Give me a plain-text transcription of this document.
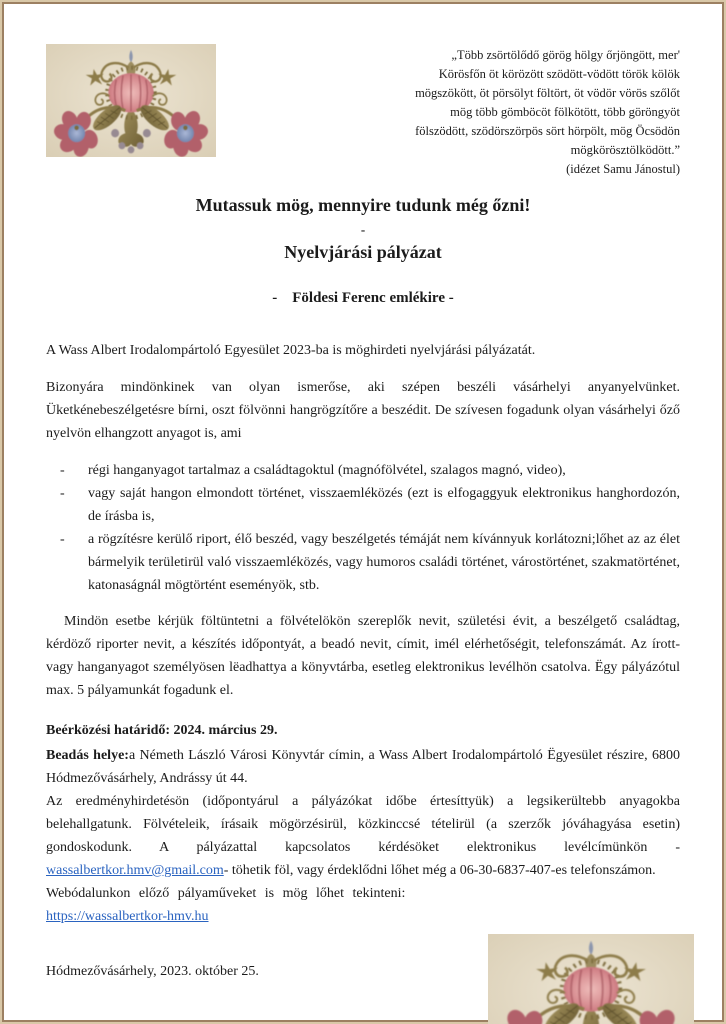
„Több zsörtölődő görög hölgy őrjöngött, mer'
Körösfőn öt körözött szödött-vödött török kölök
mögszökött, öt pörsölyt föltört, öt vödör vörös szőlőt
mög több gömböcöt fölkötött, több göröngyöt
fölszödött, szödörszörpös sört hörpölt, mög Öcsödön
mögkörösztölködött.”
(idézet Samu Jánostul)
Mutassuk mög, mennyire tudunk még őzni!
-
Nyelvjárási pályázat
-    Földesi Ferenc emlékire -

A Wass Albert Irodalompártoló Egyesület 2023-ba is möghirdeti nyelvjárási pályázatát.

Bizonyára mindönkinek van olyan ismerőse, aki szépen beszéli vásárhelyi anyanyelvünket. Üketkénebeszélgetésre bírni, oszt fölvönni hangrögzítőre a beszédit. De szívesen fogadunk olyan vásárhelyi őző nyelvön elhangzott anyagot is, ami

-	régi hanganyagot tartalmaz a családtagoktul (magnófölvétel, szalagos magnó, video),
-	vagy saját hangon elmondott történet, visszaemléközés (ezt is elfogaggyuk elektronikus hanghordozón, de írásba is,
-	a rögzítésre kerülő riport, élő beszéd, vagy beszélgetés témáját nem kívánnyuk korlátozni;lőhet az az élet bármelyik területirül való visszaemléközés, vagy humoros családi történet, várostörténet, szakmatörténet, katonaságnál mögtörtént eseményök, stb.

Mindön esetbe kérjük föltüntetni a fölvételökön szereplők nevit, születési évit, a beszélgető családtag, kérdöző riporter nevit, a készítés időpontyát, a beadó nevit, címit, imél elérhetőségit, telefonszámát. Az írott- vagy hanganyagot személyösen lëadhattya a könyvtárba, esetleg elektronikus levélhön csatolva. Ëgy pályázótul max. 5 pályamunkát fogadunk el.

Beérközési határidő: 2024. március 29.

Beadás helye:a Németh László Városi Könyvtár címin, a Wass Albert Irodalompártoló Ëgyesület részire, 6800 Hódmezővásárhely, Andrássy út 44.

Az eredményhirdetésön (időpontyárul a pályázókat időbe értesíttyük) a legsikerültebb anyagokba belehallgatunk. Fölvételeik, írásaik mögörzésirül, közkinccsé tételirül (a szerzők jóváhagyása esetin) gondoskodunk. A pályázattal kapcsolatos kérdésöket elektronikus levélcímünkön -wassalbertkor.hmv@gmail.com- töhetik föl, vagy érdeklődni lőhet még a 06-30-6837-407-es telefonszámon.

Webódalunkon előző pályaműveket is mög lőhet tekinteni:

https://wassalbertkor-hmv.hu

Hódmezővásárhely, 2023. október 25.
